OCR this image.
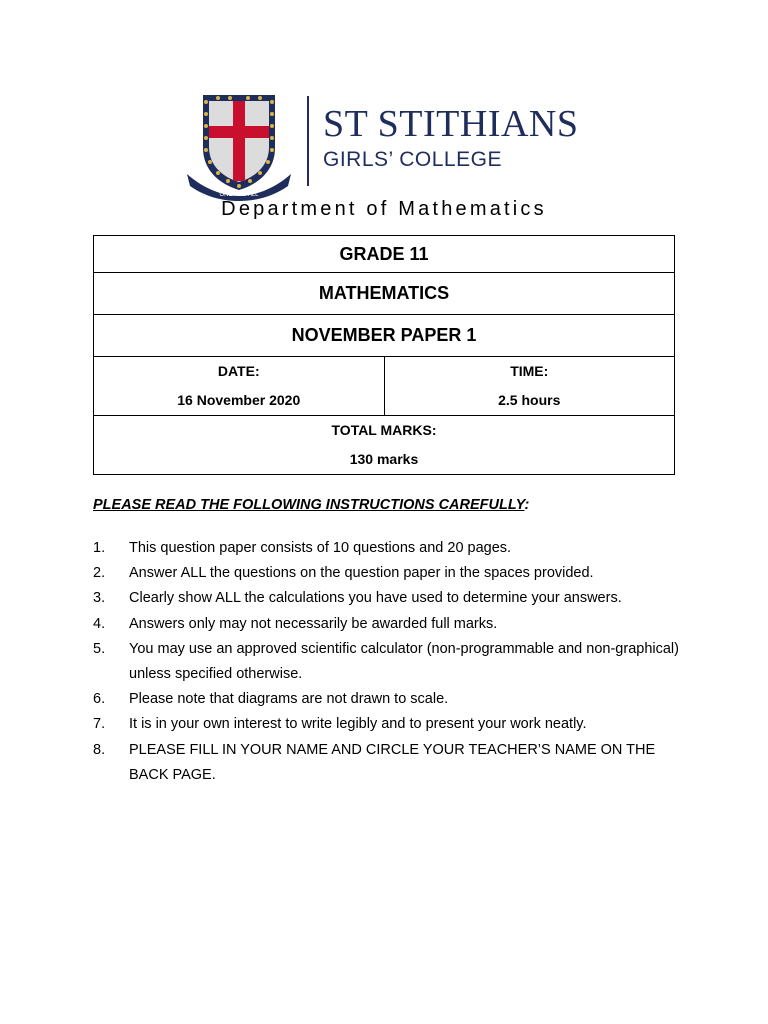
ONE AND ALL
ST STITHIANS
GIRLS’ COLLEGE
Department of Mathematics
GRADE 11
MATHEMATICS
NOVEMBER PAPER 1

DATE:
16 November 2020

TIME:
2.5 hours

TOTAL MARKS:
130 marks
PLEASE READ THE FOLLOWING INSTRUCTIONS CAREFULLY:
1. This question paper consists of 10 questions and 20 pages.
2. Answer ALL the questions on the question paper in the spaces provided.
3. Clearly show ALL the calculations you have used to determine your answers.
4. Answers only may not necessarily be awarded full marks.
5. You may use an approved scientific calculator (non-programmable and non-graphical) unless specified otherwise.
6. Please note that diagrams are not drawn to scale.
7. It is in your own interest to write legibly and to present your work neatly.
8. PLEASE FILL IN YOUR NAME AND CIRCLE YOUR TEACHER’S NAME ON THE BACK PAGE.
